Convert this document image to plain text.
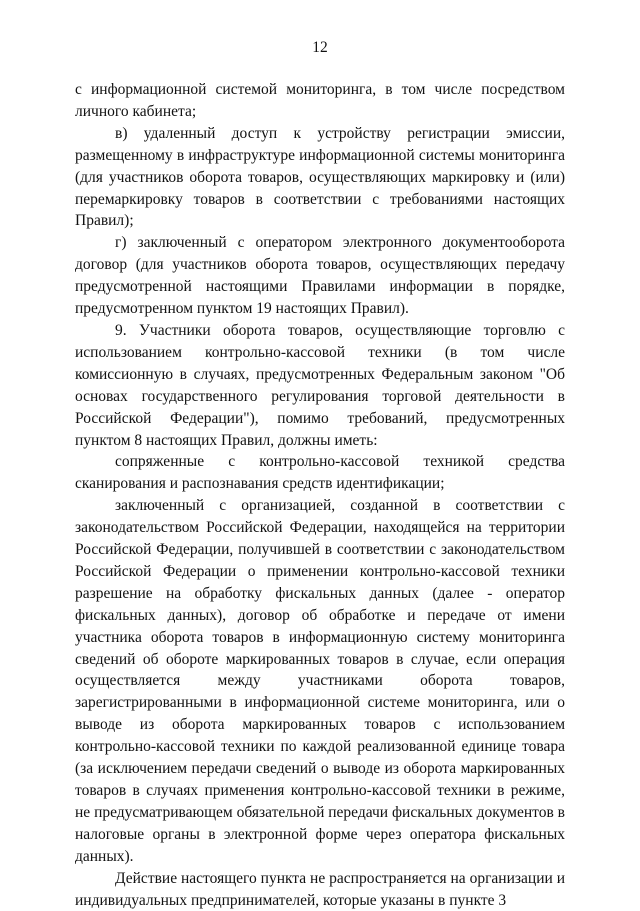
12

с информационной системой мониторинга, в том числе посредством личного кабинета;

в) удаленный доступ к устройству регистрации эмиссии, размещенному в инфраструктуре информационной системы мониторинга (для участников оборота товаров, осуществляющих маркировку и (или) перемаркировку товаров в соответствии с требованиями настоящих Правил);

г) заключенный с оператором электронного документооборота договор (для участников оборота товаров, осуществляющих передачу предусмотренной настоящими Правилами информации в порядке, предусмотренном пунктом 19 настоящих Правил).

9. Участники оборота товаров, осуществляющие торговлю с использованием контрольно-кассовой техники (в том числе комиссионную в случаях, предусмотренных Федеральным законом "Об основах государственного регулирования торговой деятельности в Российской Федерации"), помимо требований, предусмотренных пунктом 8 настоящих Правил, должны иметь:

сопряженные с контрольно-кассовой техникой средства сканирования и распознавания средств идентификации;

заключенный с организацией, созданной в соответствии с законодательством Российской Федерации, находящейся на территории Российской Федерации, получившей в соответствии с законодательством Российской Федерации о применении контрольно-кассовой техники разрешение на обработку фискальных данных (далее - оператор фискальных данных), договор об обработке и передаче от имени участника оборота товаров в информационную систему мониторинга сведений об обороте маркированных товаров в случае, если операция осуществляется между участниками оборота товаров, зарегистрированными в информационной системе мониторинга, или о выводе из оборота маркированных товаров с использованием контрольно-кассовой техники по каждой реализованной единице товара (за исключением передачи сведений о выводе из оборота маркированных товаров в случаях применения контрольно-кассовой техники в режиме, не предусматривающем обязательной передачи фискальных документов в налоговые органы в электронной форме через оператора фискальных данных).

Действие настоящего пункта не распространяется на организации и индивидуальных предпринимателей, которые указаны в пункте 3
